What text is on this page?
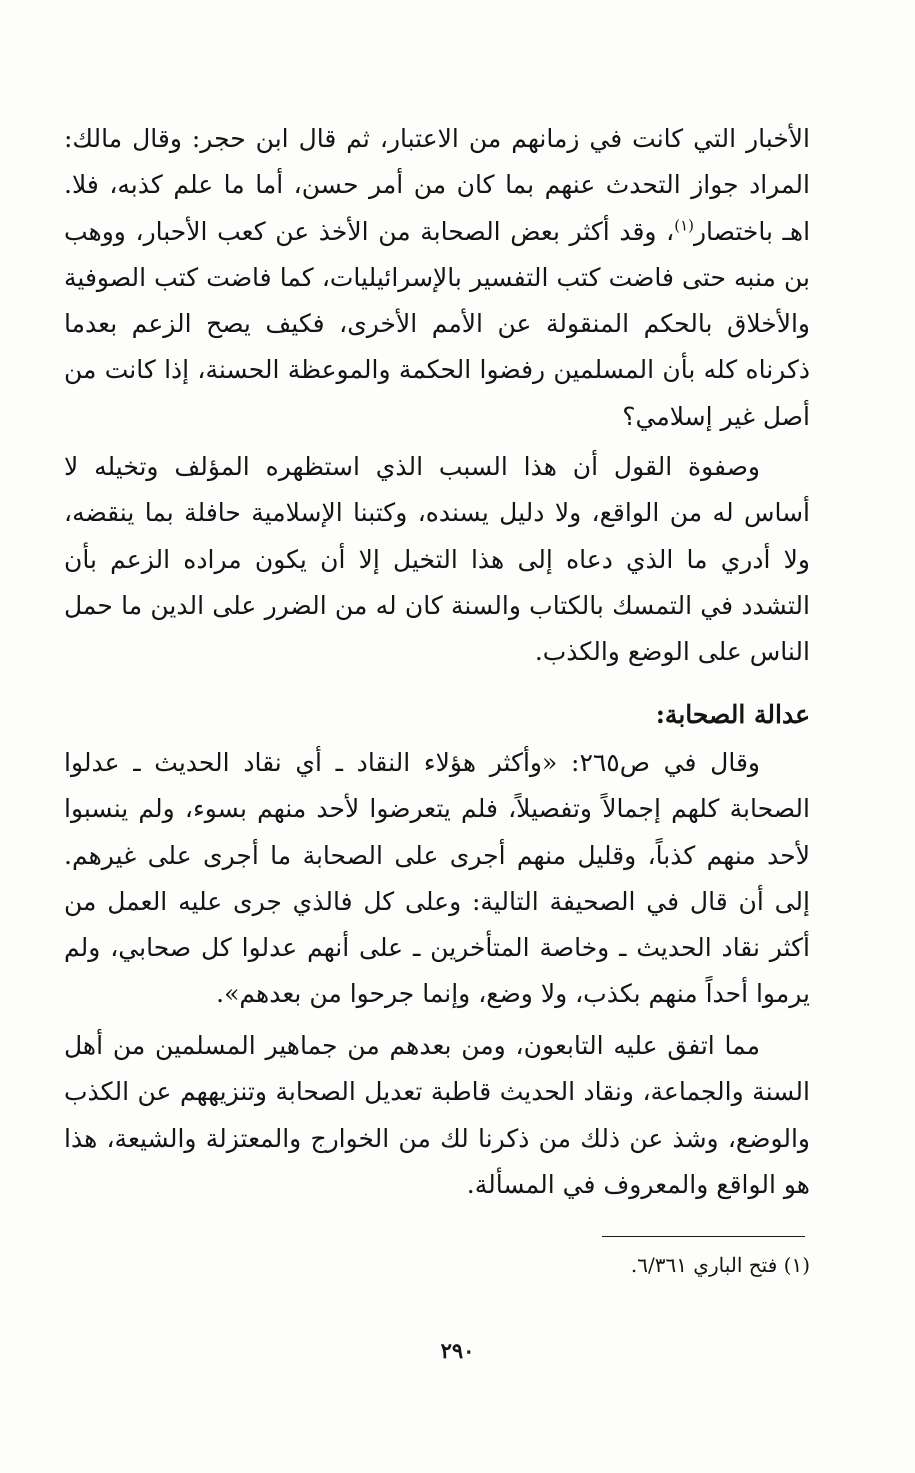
الأخبار التي كانت في زمانهم من الاعتبار، ثم قال ابن حجر: وقال مالك: المراد جواز التحدث عنهم بما كان من أمر حسن، أما ما علم كذبه، فلا. اهـ باختصار$^{(١)}$، وقد أكثر بعض الصحابة من الأخذ عن كعب الأحبار، ووهب بن منبه حتى فاضت كتب التفسير بالإسرائيليات، كما فاضت كتب الصوفية والأخلاق بالحكم المنقولة عن الأمم الأخرى، فكيف يصح الزعم بعدما ذكرناه كله بأن المسلمين رفضوا الحكمة والموعظة الحسنة، إذا كانت من أصل غير إسلامي؟

وصفوة القول أن هذا السبب الذي استظهره المؤلف وتخيله لا أساس له من الواقع، ولا دليل يسنده، وكتبنا الإسلامية حافلة بما ينقضه، ولا أدري ما الذي دعاه إلى هذا التخيل إلا أن يكون مراده الزعم بأن التشدد في التمسك بالكتاب والسنة كان له من الضرر على الدين ما حمل الناس على الوضع والكذب.

عدالة الصحابة:

وقال في ص٢٦٥: «وأكثر هؤلاء النقاد ـ أي نقاد الحديث ـ عدلوا الصحابة كلهم إجمالاً وتفصيلاً، فلم يتعرضوا لأحد منهم بسوء، ولم ينسبوا لأحد منهم كذباً، وقليل منهم أجرى على الصحابة ما أجرى على غيرهم. إلى أن قال في الصحيفة التالية: وعلى كل فالذي جرى عليه العمل من أكثر نقاد الحديث ـ وخاصة المتأخرين ـ على أنهم عدلوا كل صحابي، ولم يرموا أحداً منهم بكذب، ولا وضع، وإنما جرحوا من بعدهم».

مما اتفق عليه التابعون، ومن بعدهم من جماهير المسلمين من أهل السنة والجماعة، ونقاد الحديث قاطبة تعديل الصحابة وتنزيههم عن الكذب والوضع، وشذ عن ذلك من ذكرنا لك من الخوارج والمعتزلة والشيعة، هذا هو الواقع والمعروف في المسألة.

(١) فتح الباري ٦/٣٦١.

٢٩٠
